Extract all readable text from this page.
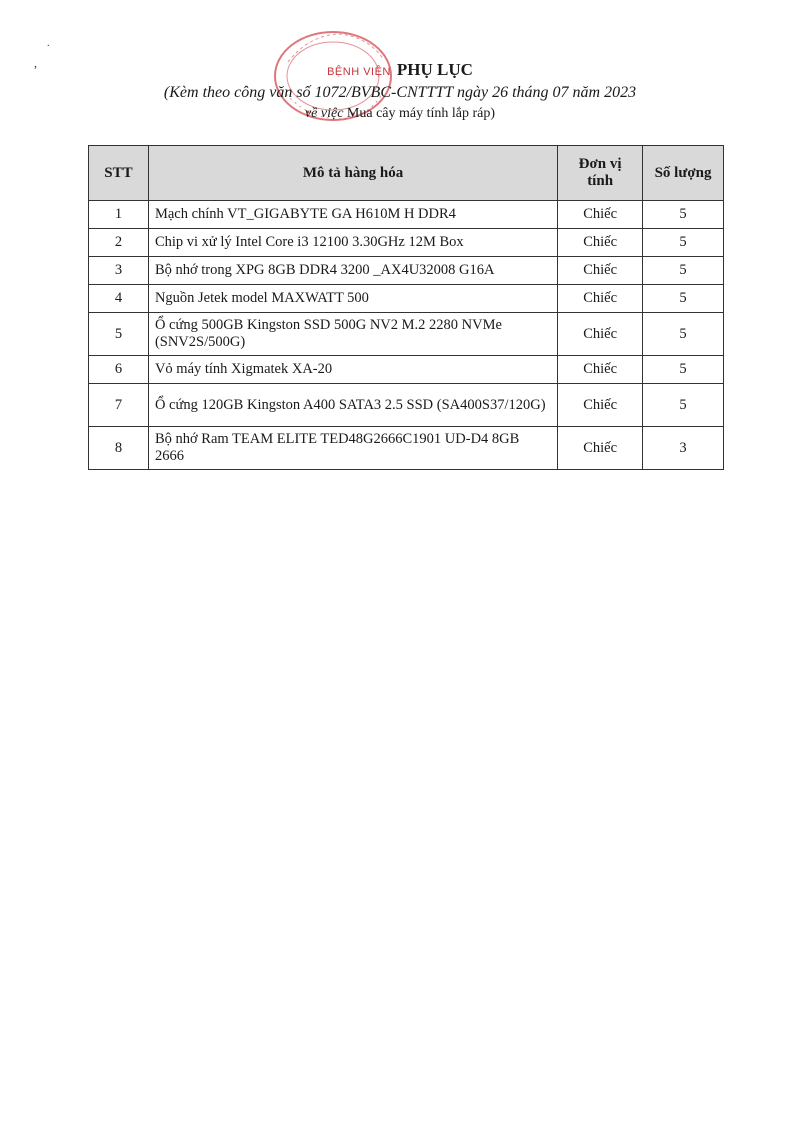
.
,
BỆNH VIỆN PHỤ LỤC
(Kèm theo công văn số 1072/BVBC-CNTTTT ngày 26 tháng 07 năm 2023
về việc Mua cây máy tính lắp ráp)
STT	Mô tả hàng hóa	Đơn vị tính	Số lượng
1	Mạch chính VT_GIGABYTE GA H610M H DDR4	Chiếc	5
2	Chip vi xử lý Intel Core i3 12100 3.30GHz 12M Box	Chiếc	5
3	Bộ nhớ trong XPG 8GB DDR4 3200 _AX4U32008 G16A	Chiếc	5
4	Nguồn Jetek model MAXWATT 500	Chiếc	5
5	Ổ cứng 500GB Kingston SSD 500G NV2 M.2 2280 NVMe (SNV2S/500G)	Chiếc	5
6	Vỏ máy tính Xigmatek XA-20	Chiếc	5
7	Ổ cứng 120GB Kingston A400 SATA3 2.5 SSD (SA400S37/120G)	Chiếc	5
8	Bộ nhớ Ram TEAM ELITE TED48G2666C1901 UD-D4 8GB 2666	Chiếc	3
